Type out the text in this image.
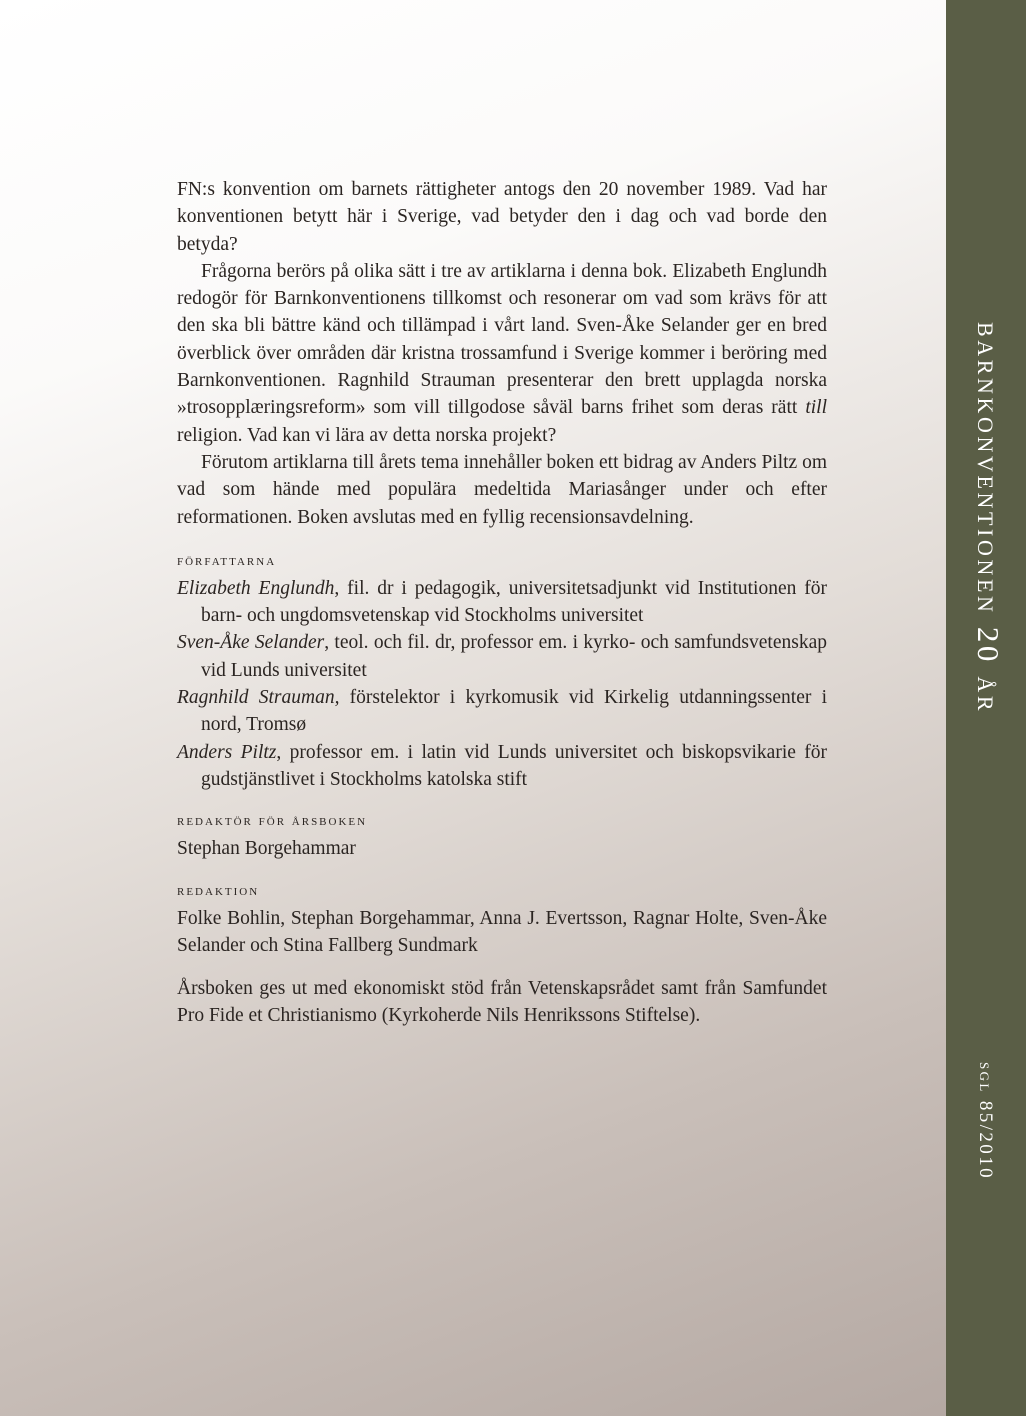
barnkonventionen 20 år
sgl 85/2010

FN:s konvention om barnets rättigheter antogs den 20 november 1989. Vad har konventionen betytt här i Sverige, vad betyder den i dag och vad borde den betyda?

Frågorna berörs på olika sätt i tre av artiklarna i denna bok. Elizabeth Englundh redogör för Barnkonventionens tillkomst och resonerar om vad som krävs för att den ska bli bättre känd och tillämpad i vårt land. Sven-Åke Selander ger en bred överblick över områden där kristna trossamfund i Sverige kommer i beröring med Barnkonventionen. Ragnhild Strauman presenterar den brett upplagda norska »trosopplæringsreform» som vill tillgodose såväl barns frihet som deras rätt till religion. Vad kan vi lära av detta norska projekt?

Förutom artiklarna till årets tema innehåller boken ett bidrag av Anders Piltz om vad som hände med populära medeltida Mariasånger under och efter reformationen. Boken avslutas med en fyllig recensionsavdelning.

författarna

Elizabeth Englundh, fil. dr i pedagogik, universitetsadjunkt vid Institutionen för barn- och ungdomsvetenskap vid Stockholms universitet

Sven-Åke Selander, teol. och fil. dr, professor em. i kyrko- och samfundsvetenskap vid Lunds universitet

Ragnhild Strauman, förstelektor i kyrkomusik vid Kirkelig utdanningssenter i nord, Tromsø

Anders Piltz, professor em. i latin vid Lunds universitet och biskopsvikarie för gudstjänstlivet i Stockholms katolska stift

redaktör för årsboken

Stephan Borgehammar

redaktion

Folke Bohlin, Stephan Borgehammar, Anna J. Evertsson, Ragnar Holte, Sven-Åke Selander och Stina Fallberg Sundmark

Årsboken ges ut med ekonomiskt stöd från Vetenskapsrådet samt från Samfundet Pro Fide et Christianismo (Kyrkoherde Nils Henrikssons Stiftelse).
